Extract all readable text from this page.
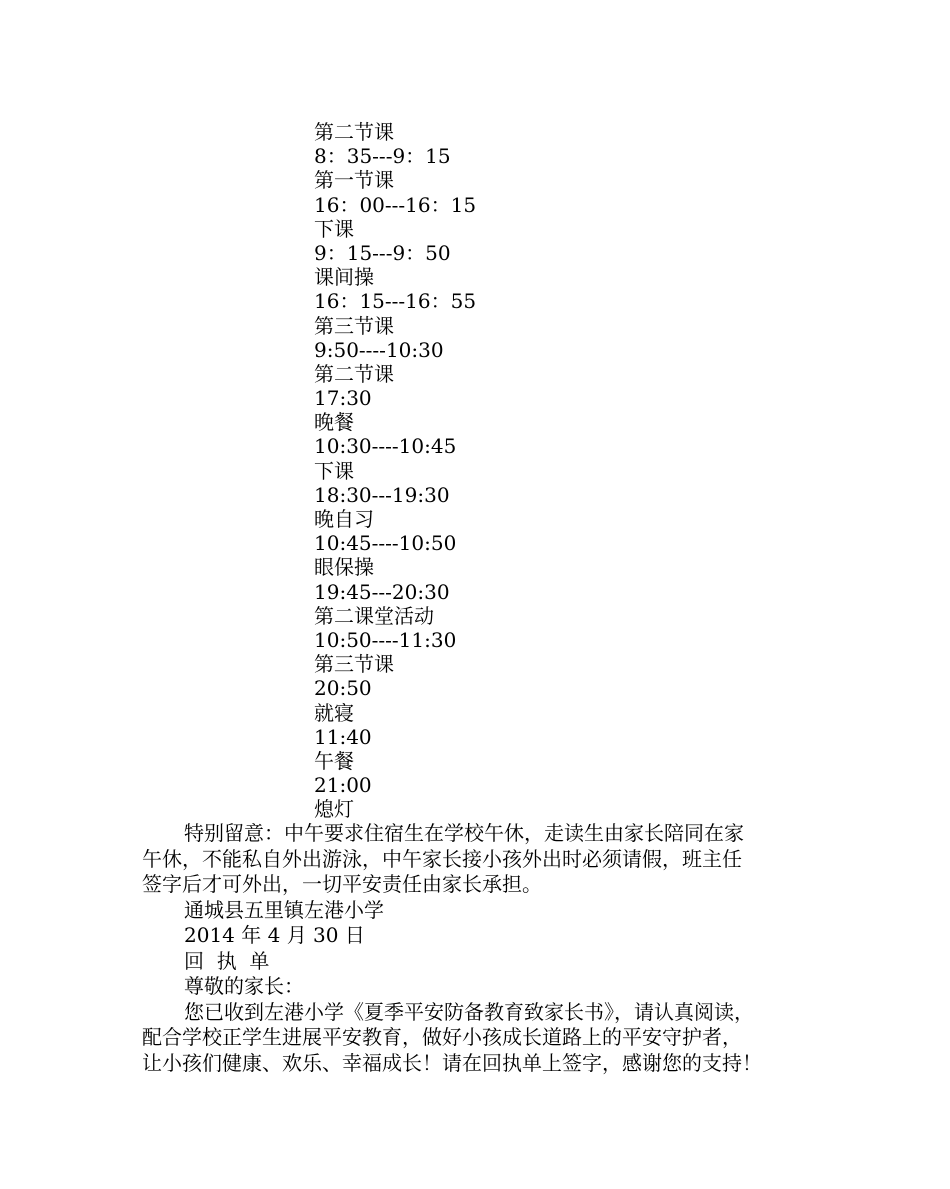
第二节课
8：35---9：15
第一节课
16：00---16：15
下课
9：15---9：50
课间操
16：15---16：55
第三节课
9:50----10:30
第二节课
17:30
晚餐
10:30----10:45
下课
18:30---19:30
晚自习
10:45----10:50
眼保操
19:45---20:30
第二课堂活动
10:50----11:30
第三节课
20:50
就寝
11:40
午餐
21:00
熄灯
特别留意：中午要求住宿生在学校午休，走读生由家长陪同在家
午休，不能私自外出游泳，中午家长接小孩外出时必须请假，班主任
签字后才可外出，一切平安责任由家长承担。
通城县五里镇左港小学
2014 年 4 月 30 日
回  执  单
尊敬的家长：
您已收到左港小学《夏季平安防备教育致家长书》，请认真阅读，
配合学校正学生进展平安教育，做好小孩成长道路上的平安守护者，
让小孩们健康、欢乐、幸福成长！请在回执单上签字，感谢您的支持！
